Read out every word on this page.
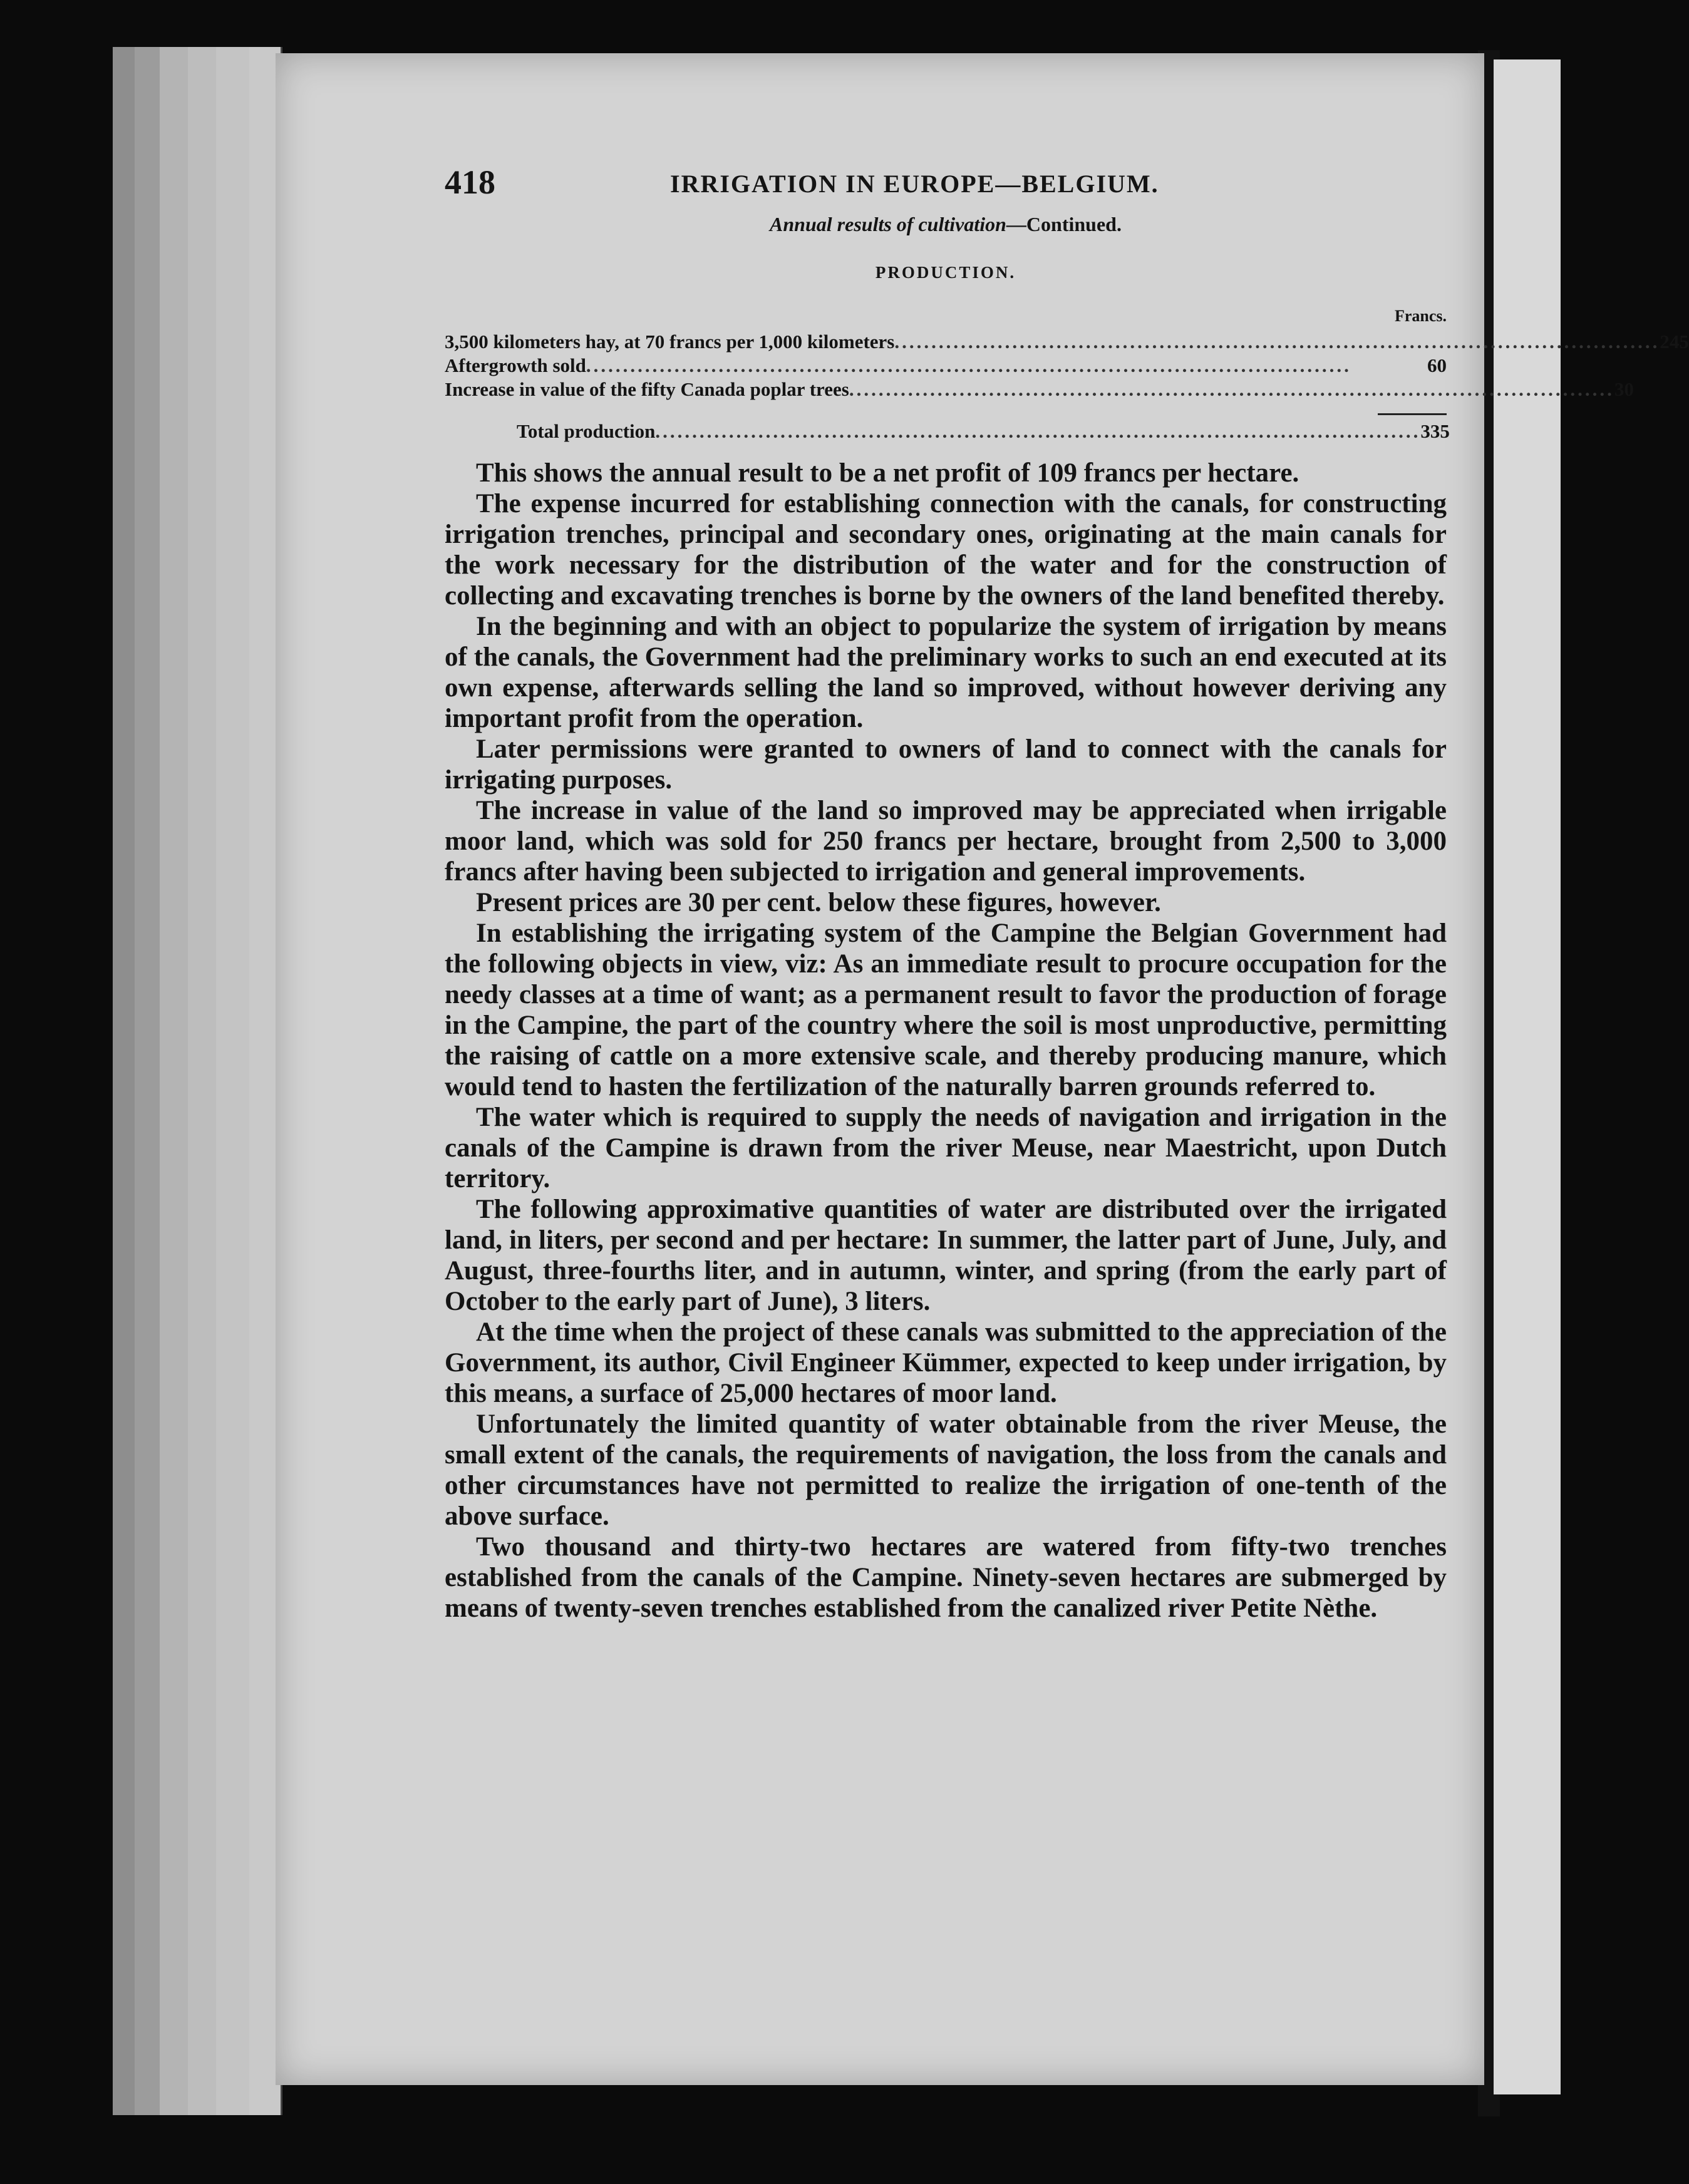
418	IRRIGATION IN EUROPE—BELGIUM.
Annual results of cultivation—Continued.
PRODUCTION.
Francs.
3,500 kilometers hay, at 70 francs per 1,000 kilometers ........................................................................................................ 245
Aftergrowth sold ........................................................................................................	60
Increase in value of the fifty Canada poplar trees ........................................................................................................ 30
Total production ........................................................................................................ 335

This shows the annual result to be a net profit of 109 francs per hectare.

The expense incurred for establishing connection with the canals, for constructing irrigation trenches, principal and secondary ones, originating at the main canals for the work necessary for the distribution of the water and for the construction of collecting and excavating trenches is borne by the owners of the land benefited thereby.

In the beginning and with an object to popularize the system of irrigation by means of the canals, the Government had the preliminary works to such an end executed at its own expense, afterwards selling the land so improved, without however deriving any important profit from the operation.

Later permissions were granted to owners of land to connect with the canals for irrigating purposes.

The increase in value of the land so improved may be appreciated when irrigable moor land, which was sold for 250 francs per hectare, brought from 2,500 to 3,000 francs after having been subjected to irrigation and general improvements.

Present prices are 30 per cent. below these figures, however.

In establishing the irrigating system of the Campine the Belgian Government had the following objects in view, viz: As an immediate result to procure occupation for the needy classes at a time of want; as a permanent result to favor the production of forage in the Campine, the part of the country where the soil is most unproductive, permitting the raising of cattle on a more extensive scale, and thereby producing manure, which would tend to hasten the fertilization of the naturally barren grounds referred to.

The water which is required to supply the needs of navigation and irrigation in the canals of the Campine is drawn from the river Meuse, near Maestricht, upon Dutch territory.

The following approximative quantities of water are distributed over the irrigated land, in liters, per second and per hectare: In summer, the latter part of June, July, and August, three-fourths liter, and in autumn, winter, and spring (from the early part of October to the early part of June), 3 liters.

At the time when the project of these canals was submitted to the appreciation of the Government, its author, Civil Engineer Kümmer, expected to keep under irrigation, by this means, a surface of 25,000 hectares of moor land.

Unfortunately the limited quantity of water obtainable from the river Meuse, the small extent of the canals, the requirements of navigation, the loss from the canals and other circumstances have not permitted to realize the irrigation of one-tenth of the above surface.

Two thousand and thirty-two hectares are watered from fifty-two trenches established from the canals of the Campine. Ninety-seven hectares are submerged by means of twenty-seven trenches established from the canalized river Petite Nèthe.
